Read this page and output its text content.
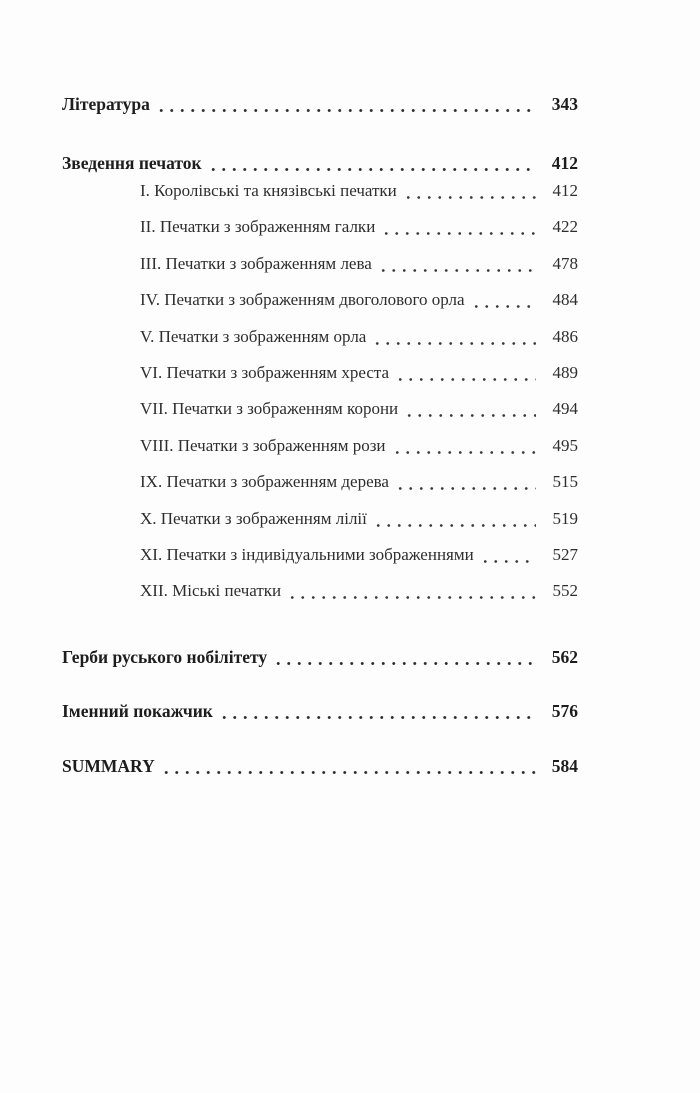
Література	343
Зведення печаток	412
I. Королівські та князівські печатки	412
II. Печатки з зображенням галки	422
III. Печатки з зображенням лева	478
IV. Печатки з зображенням двоголового орла	484
V. Печатки з зображенням орла	486
VI. Печатки з зображенням хреста	489
VII. Печатки з зображенням корони	494
VIII. Печатки з зображенням рози	495
IX. Печатки з зображенням дерева	515
X. Печатки з зображенням лілії	519
XI. Печатки з індивідуальними зображеннями	527
XII. Міські печатки	552
Герби руського нобілітету	562
Іменний покажчик	576
SUMMARY	584
